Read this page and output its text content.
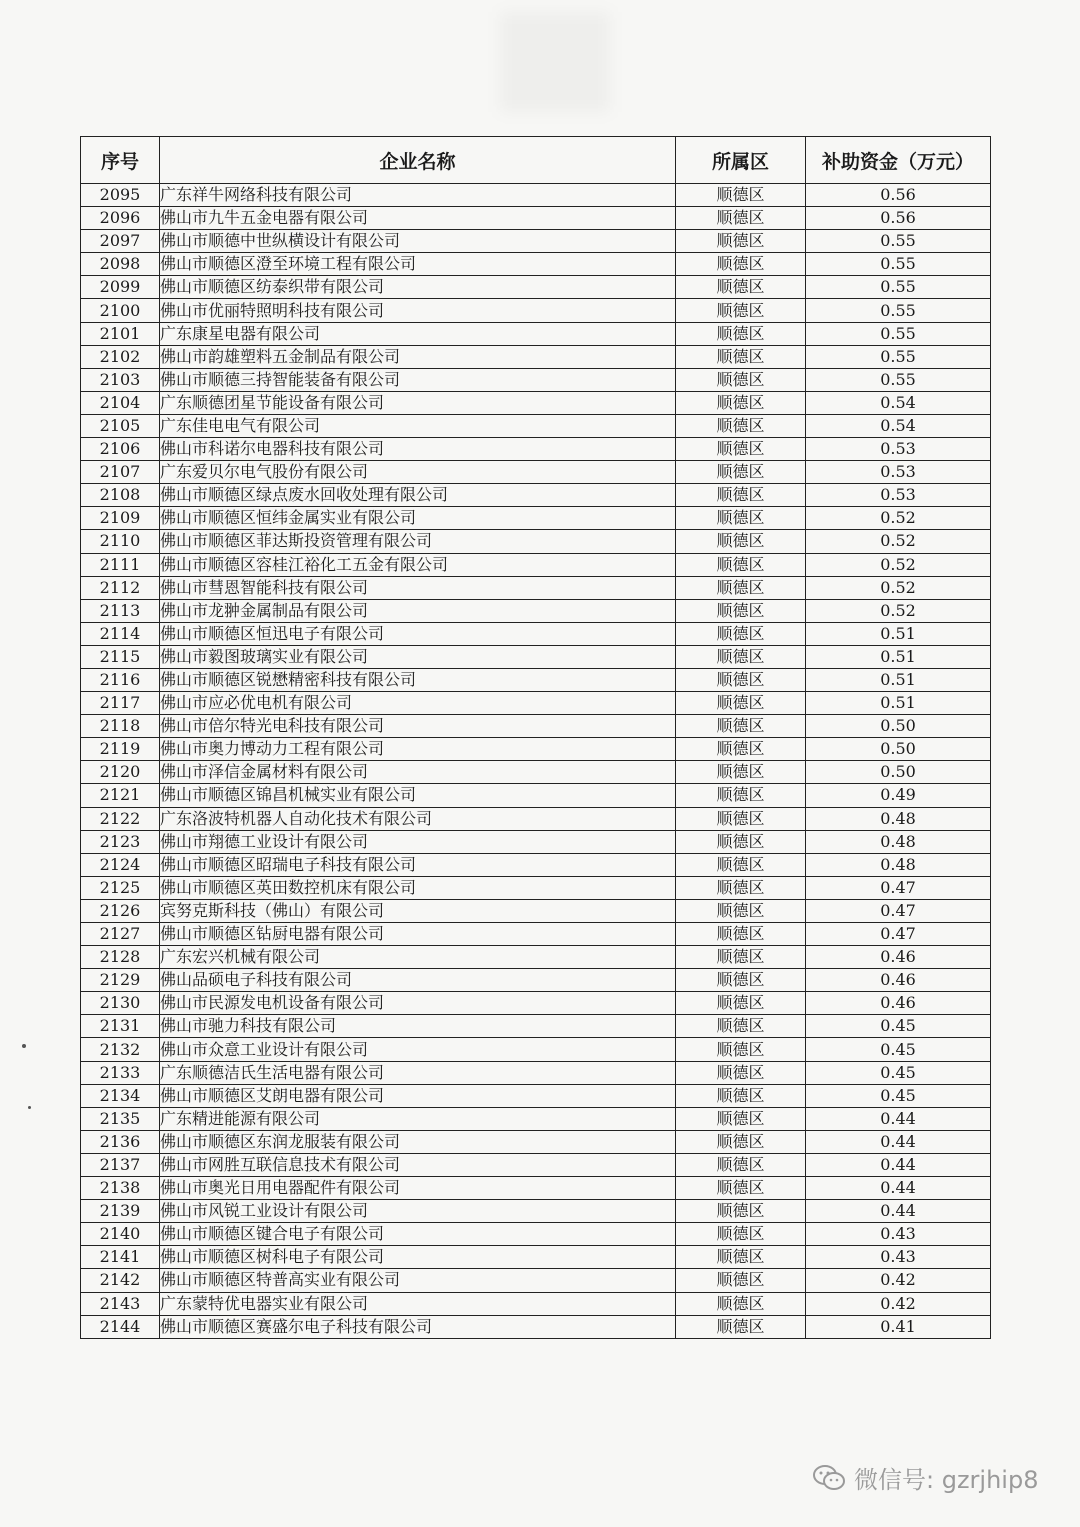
序号	企业名称	所属区	补助资金（万元）
2095	广东祥牛网络科技有限公司	顺德区	0.56
2096	佛山市九牛五金电器有限公司	顺德区	0.56
2097	佛山市顺德中世纵横设计有限公司	顺德区	0.55
2098	佛山市顺德区澄至环境工程有限公司	顺德区	0.55
2099	佛山市顺德区纺泰织带有限公司	顺德区	0.55
2100	佛山市优丽特照明科技有限公司	顺德区	0.55
2101	广东康星电器有限公司	顺德区	0.55
2102	佛山市韵雄塑料五金制品有限公司	顺德区	0.55
2103	佛山市顺德三持智能装备有限公司	顺德区	0.55
2104	广东顺德团星节能设备有限公司	顺德区	0.54
2105	广东佳电电气有限公司	顺德区	0.54
2106	佛山市科诺尔电器科技有限公司	顺德区	0.53
2107	广东爱贝尔电气股份有限公司	顺德区	0.53
2108	佛山市顺德区绿点废水回收处理有限公司	顺德区	0.53
2109	佛山市顺德区恒纬金属实业有限公司	顺德区	0.52
2110	佛山市顺德区菲达斯投资管理有限公司	顺德区	0.52
2111	佛山市顺德区容桂江裕化工五金有限公司	顺德区	0.52
2112	佛山市彗恩智能科技有限公司	顺德区	0.52
2113	佛山市龙翀金属制品有限公司	顺德区	0.52
2114	佛山市顺德区恒迅电子有限公司	顺德区	0.51
2115	佛山市毅图玻璃实业有限公司	顺德区	0.51
2116	佛山市顺德区锐懋精密科技有限公司	顺德区	0.51
2117	佛山市应必优电机有限公司	顺德区	0.51
2118	佛山市倍尔特光电科技有限公司	顺德区	0.50
2119	佛山市奥力博动力工程有限公司	顺德区	0.50
2120	佛山市泽信金属材料有限公司	顺德区	0.50
2121	佛山市顺德区锦昌机械实业有限公司	顺德区	0.49
2122	广东洛波特机器人自动化技术有限公司	顺德区	0.48
2123	佛山市翔德工业设计有限公司	顺德区	0.48
2124	佛山市顺德区昭瑞电子科技有限公司	顺德区	0.48
2125	佛山市顺德区英田数控机床有限公司	顺德区	0.47
2126	宾努克斯科技（佛山）有限公司	顺德区	0.47
2127	佛山市顺德区钻厨电器有限公司	顺德区	0.47
2128	广东宏兴机械有限公司	顺德区	0.46
2129	佛山品硕电子科技有限公司	顺德区	0.46
2130	佛山市民源发电机设备有限公司	顺德区	0.46
2131	佛山市驰力科技有限公司	顺德区	0.45
2132	佛山市众意工业设计有限公司	顺德区	0.45
2133	广东顺德洁氏生活电器有限公司	顺德区	0.45
2134	佛山市顺德区艾朗电器有限公司	顺德区	0.45
2135	广东精进能源有限公司	顺德区	0.44
2136	佛山市顺德区东润龙服装有限公司	顺德区	0.44
2137	佛山市网胜互联信息技术有限公司	顺德区	0.44
2138	佛山市奥光日用电器配件有限公司	顺德区	0.44
2139	佛山市风锐工业设计有限公司	顺德区	0.44
2140	佛山市顺德区键合电子有限公司	顺德区	0.43
2141	佛山市顺德区树科电子有限公司	顺德区	0.43
2142	佛山市顺德区特普高实业有限公司	顺德区	0.42
2143	广东蒙特优电器实业有限公司	顺德区	0.42
2144	佛山市顺德区赛盛尔电子科技有限公司	顺德区	0.41
微信号: gzrjhip8
